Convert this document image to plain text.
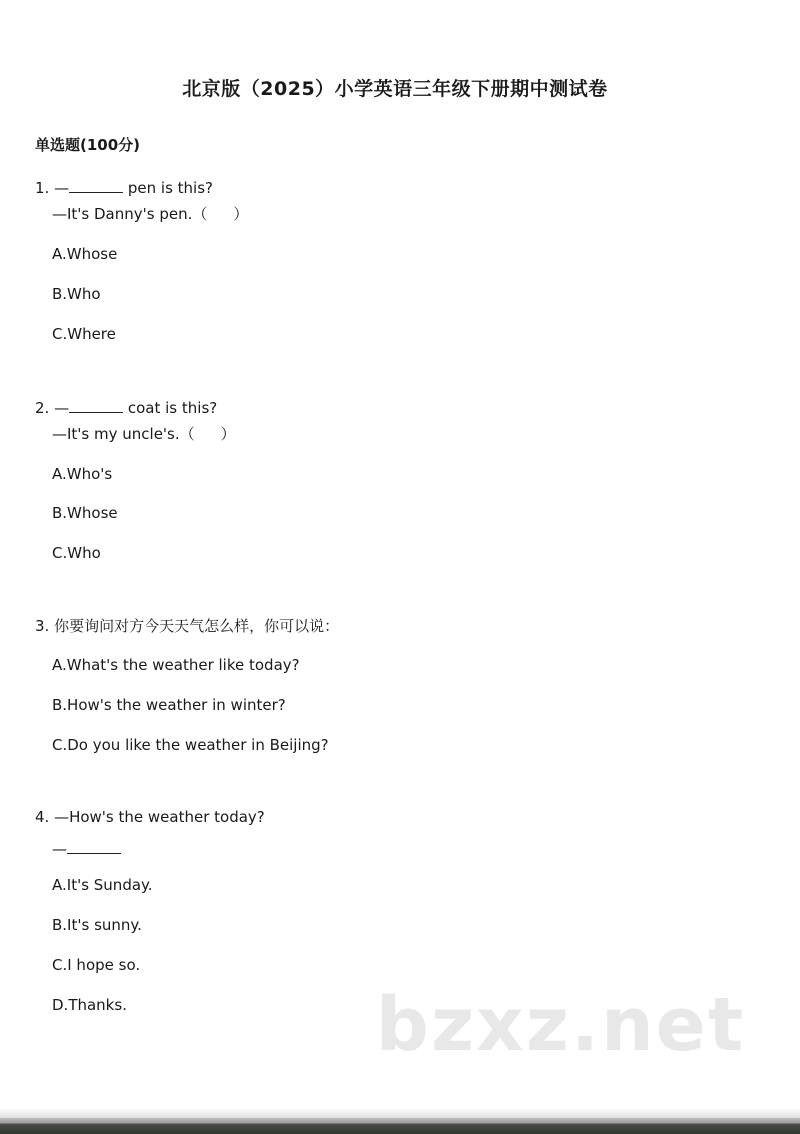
北京版（2025）小学英语三年级下册期中测试卷
单选题(100分)
1. —	pen is this?
—It's Danny's pen.（ ）
A.Whose
B.Who
C.Where
2. —	coat is this?
—It's my uncle's.（ ）
A.Who's
B.Whose
C.Who
3. 你要询问对方今天天气怎么样，你可以说：
A.What's the weather like today?
B.How's the weather in winter?
C.Do you like the weather in Beijing?
4. —How's the weather today?
—
A.It's Sunday.
B.It's sunny.
C.I hope so.
D.Thanks.	bzxz.net
